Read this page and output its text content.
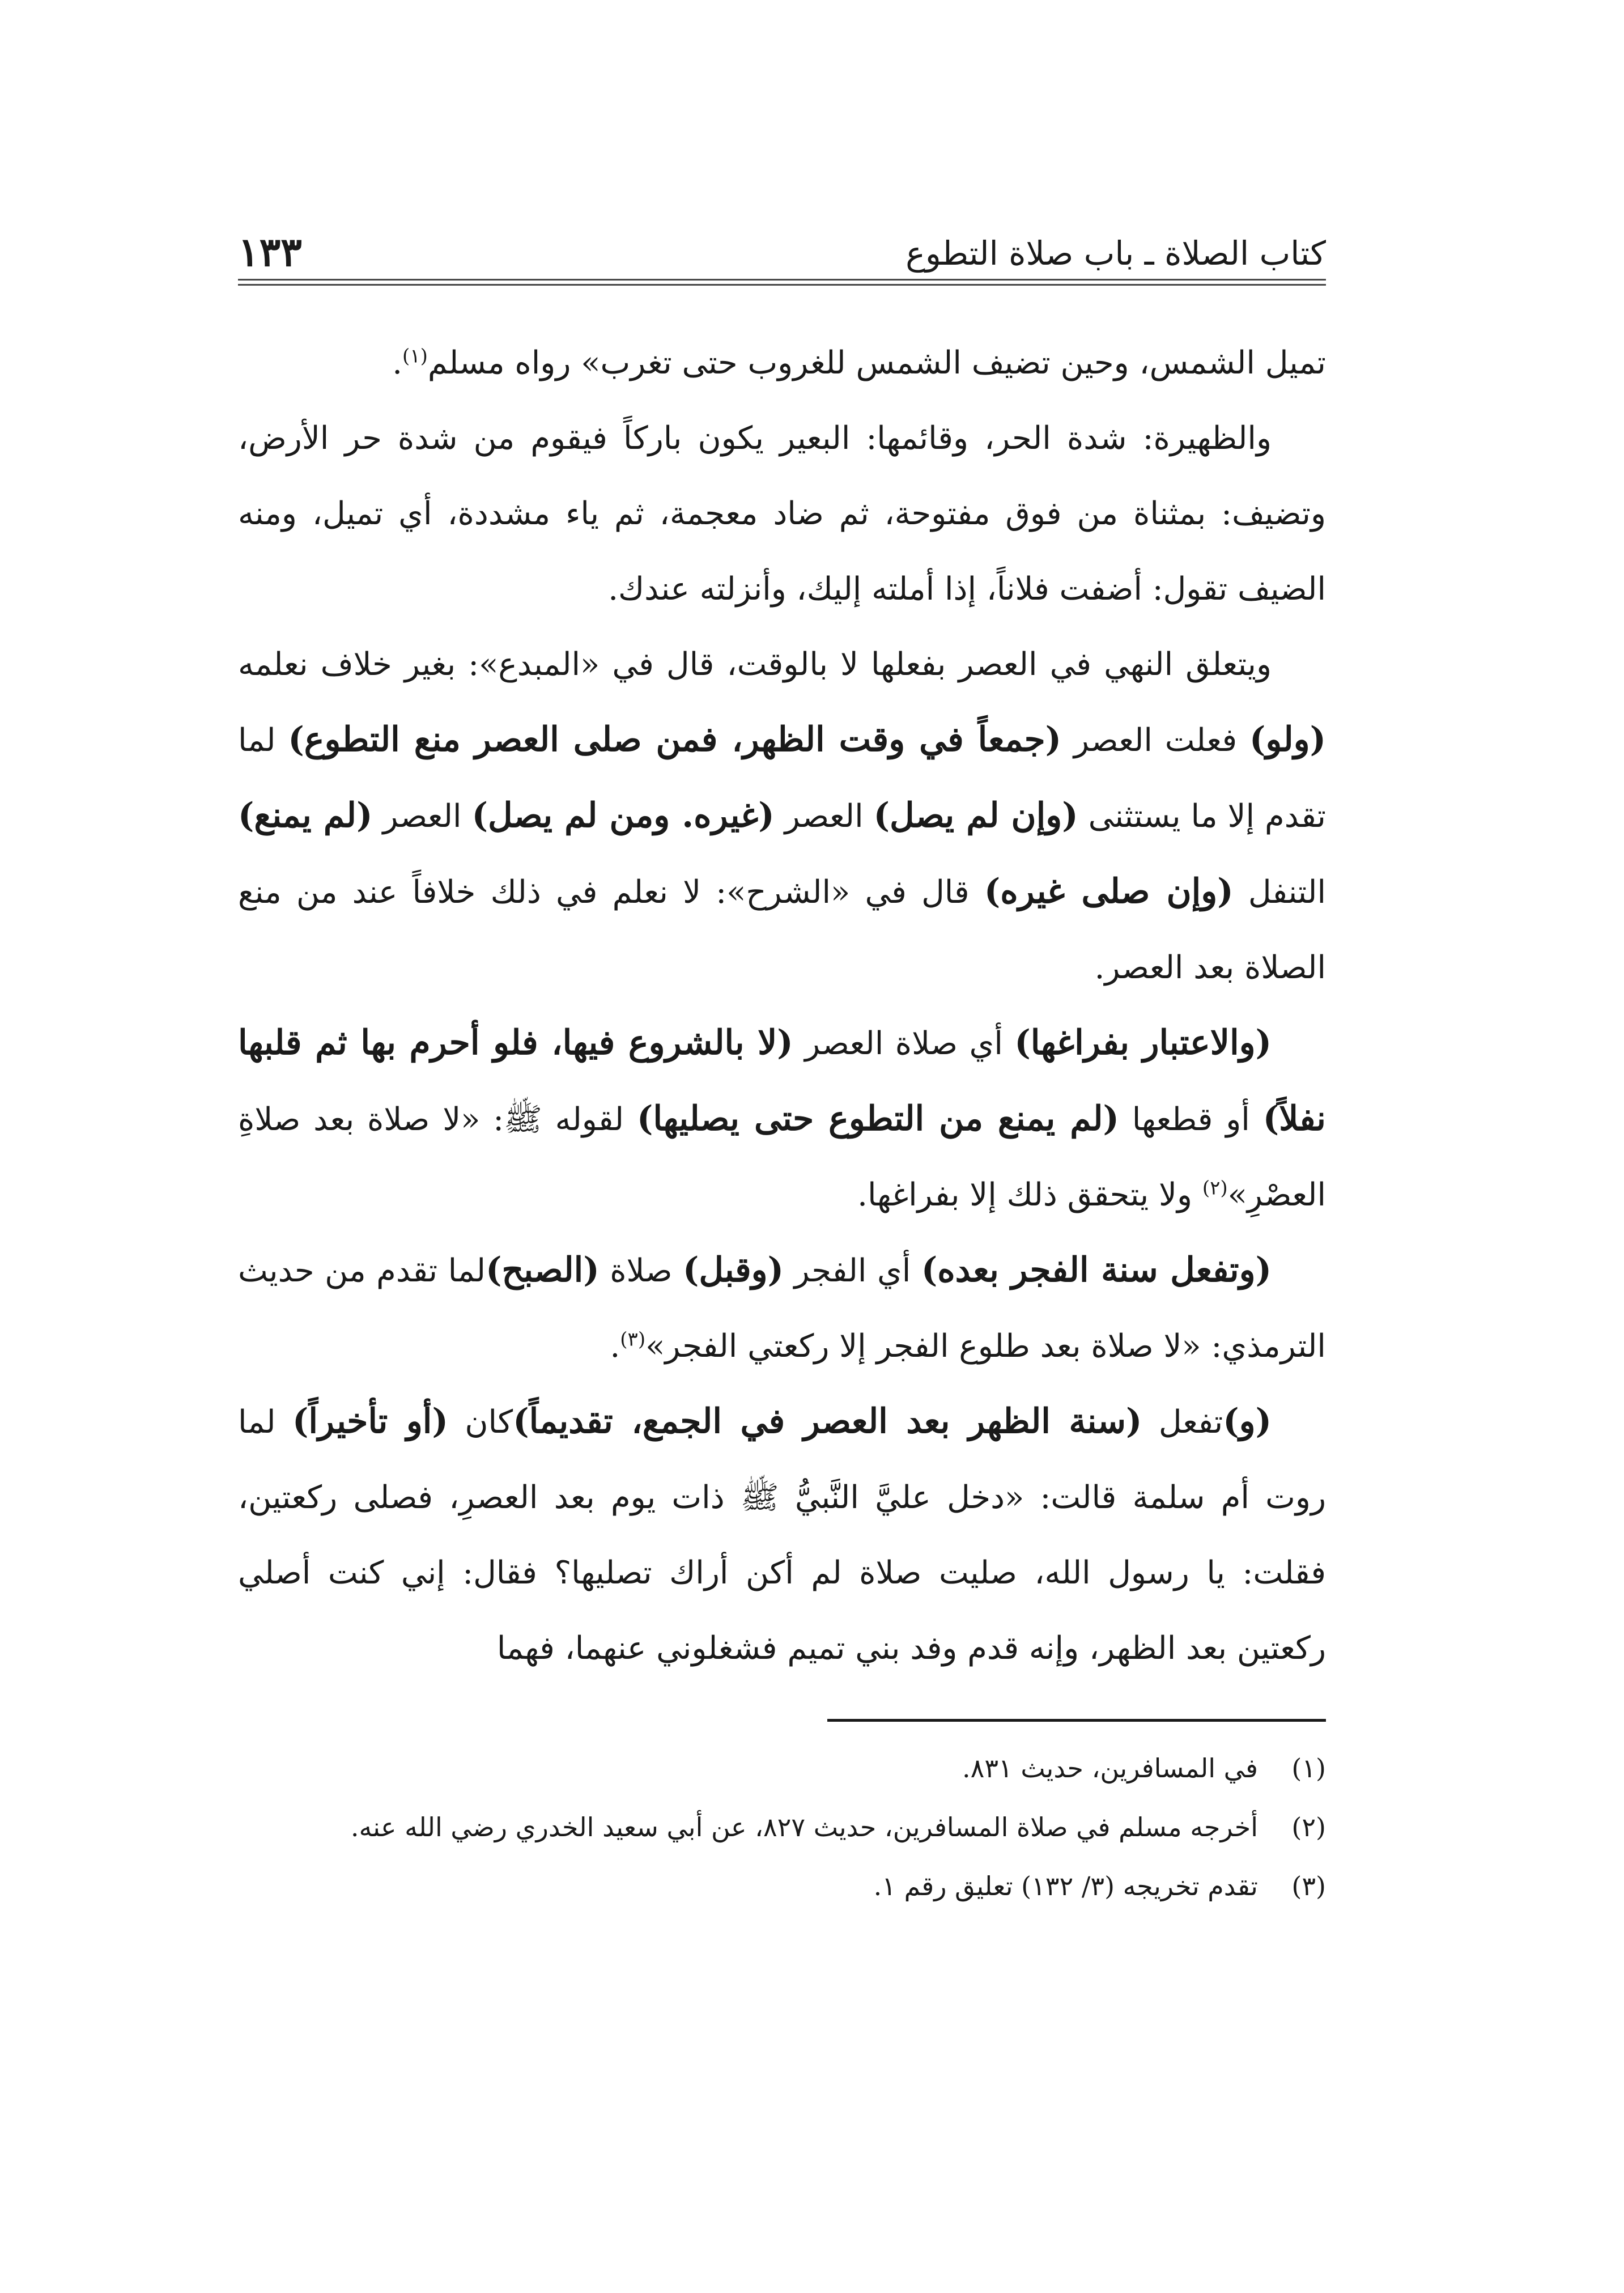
كتاب الصلاة ـ باب صلاة التطوع
١٣٣

تميل الشمس، وحين تضيف الشمس للغروب حتى تغرب» رواه مسلم$^{(١)}$.

والظهيرة: شدة الحر، وقائمها: البعير يكون باركاً فيقوم من شدة حر الأرض، وتضيف: بمثناة من فوق مفتوحة، ثم ضاد معجمة، ثم ياء مشددة، أي تميل، ومنه الضيف تقول: أضفت فلاناً، إذا أملته إليك، وأنزلته عندك.

ويتعلق النهي في العصر بفعلها لا بالوقت، قال في «المبدع»: بغير خلاف نعلمه (ولو) فعلت العصر (جمعاً في وقت الظهر، فمن صلى العصر منع التطوع) لما تقدم إلا ما يستثنى (وإن لم يصل) العصر (غيره. ومن لم يصل) العصر (لم يمنع) التنفل (وإن صلى غيره) قال في «الشرح»: لا نعلم في ذلك خلافاً عند من منع الصلاة بعد العصر.

(والاعتبار بفراغها) أي صلاة العصر (لا بالشروع فيها، فلو أحرم بها ثم قلبها نفلاً) أو قطعها (لم يمنع من التطوع حتى يصليها) لقوله ﷺ: «لا صلاة بعد صلاةِ العصْرِ»$^{(٢)}$ ولا يتحقق ذلك إلا بفراغها.

(وتفعل سنة الفجر بعده) أي الفجر (وقبل) صلاة (الصبح)لما تقدم من حديث الترمذي: «لا صلاة بعد طلوع الفجر إلا ركعتي الفجر»$^{(٣)}$.

(و)تفعل (سنة الظهر بعد العصر في الجمع، تقديماً)كان (أو تأخيراً) لما روت أم سلمة قالت: «دخل عليَّ النَّبيُّ ﷺ ذات يوم بعد العصرِ، فصلى ركعتين، فقلت: يا رسول الله، صليت صلاة لم أكن أراك تصليها؟ فقال: إني كنت أصلي ركعتين بعد الظهر، وإنه قدم وفد بني تميم فشغلوني عنهما، فهما

(١)
في المسافرين، حديث ٨٣١.
(٢)
أخرجه مسلم في صلاة المسافرين، حديث ٨٢٧، عن أبي سعيد الخدري رضي الله عنه.
(٣)
تقدم تخريجه (٣/ ١٣٢) تعليق رقم ١.
